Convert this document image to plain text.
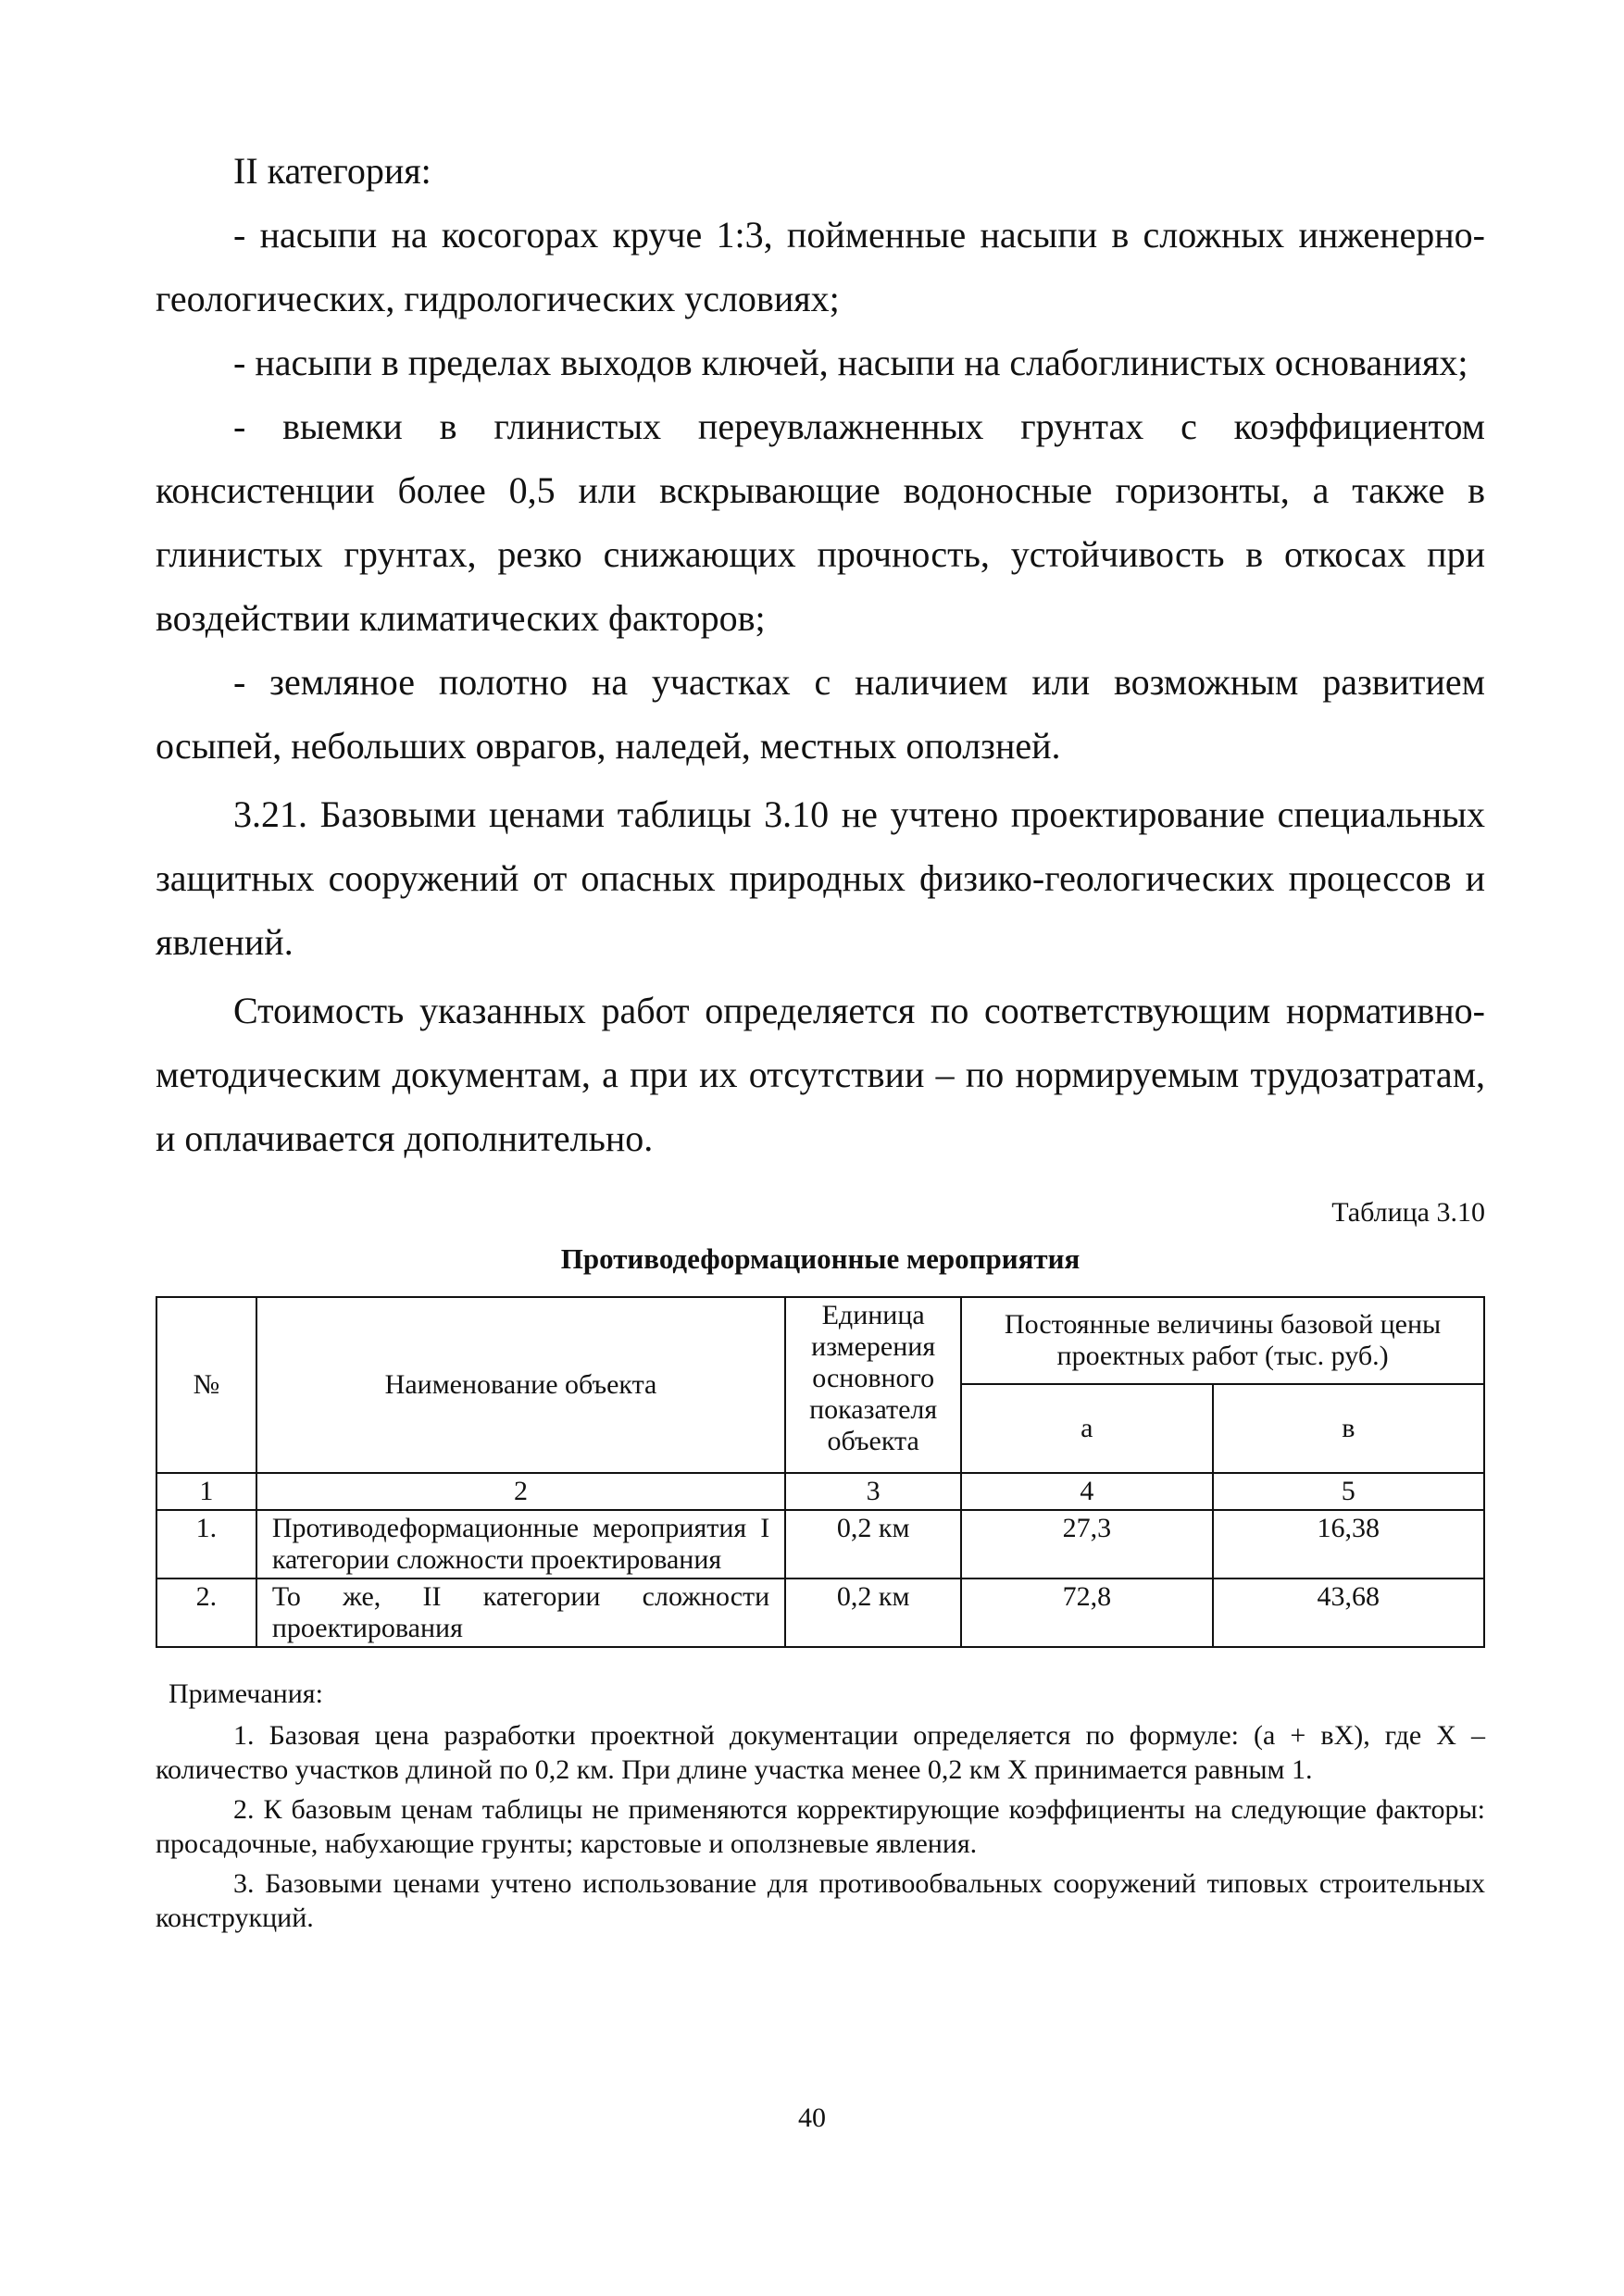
II категория:

- насыпи на косогорах круче 1:3, пойменные насыпи в сложных инженерно-геологических, гидрологических условиях;

- насыпи в пределах выходов ключей, насыпи на слабоглинистых основаниях;

- выемки в глинистых переувлажненных грунтах с коэффициентом консистенции более 0,5 или вскрывающие водоносные горизонты, а также в глинистых грунтах, резко снижающих прочность, устойчивость в откосах при воздействии климатических факторов;

- земляное полотно на участках с наличием или возможным развитием осыпей, небольших оврагов, наледей, местных оползней.

3.21. Базовыми ценами таблицы 3.10 не учтено проектирование специальных защитных сооружений от опасных природных физико-геологических процессов и явлений.

Стоимость указанных работ определяется по соответствующим нормативно-методическим документам, а при их отсутствии – по нормируемым трудозатратам, и оплачивается дополнительно.

Таблица 3.10
Противодеформационные мероприятия
№	Наименование объекта	Единица измерения основного показателя объекта	Постоянные величины базовой цены проектных работ (тыс. руб.)	
			а	в
1	2	3	4	5
1.	Противодеформационные мероприятия I категории сложности проектирования	0,2 км	27,3	16,38
2.	То же, II категории сложности проектирования	0,2 км	72,8	43,68
Примечания:

1. Базовая цена разработки проектной документации определяется по формуле: (а + вХ), где Х – количество участков длиной по 0,2 км. При длине участка менее 0,2 км Х принимается равным 1.

2. К базовым ценам таблицы не применяются корректирующие коэффициенты на следующие факторы: просадочные, набухающие грунты; карстовые и оползневые явления.

3. Базовыми ценами учтено использование для противообвальных сооружений типовых строительных конструкций.

40
